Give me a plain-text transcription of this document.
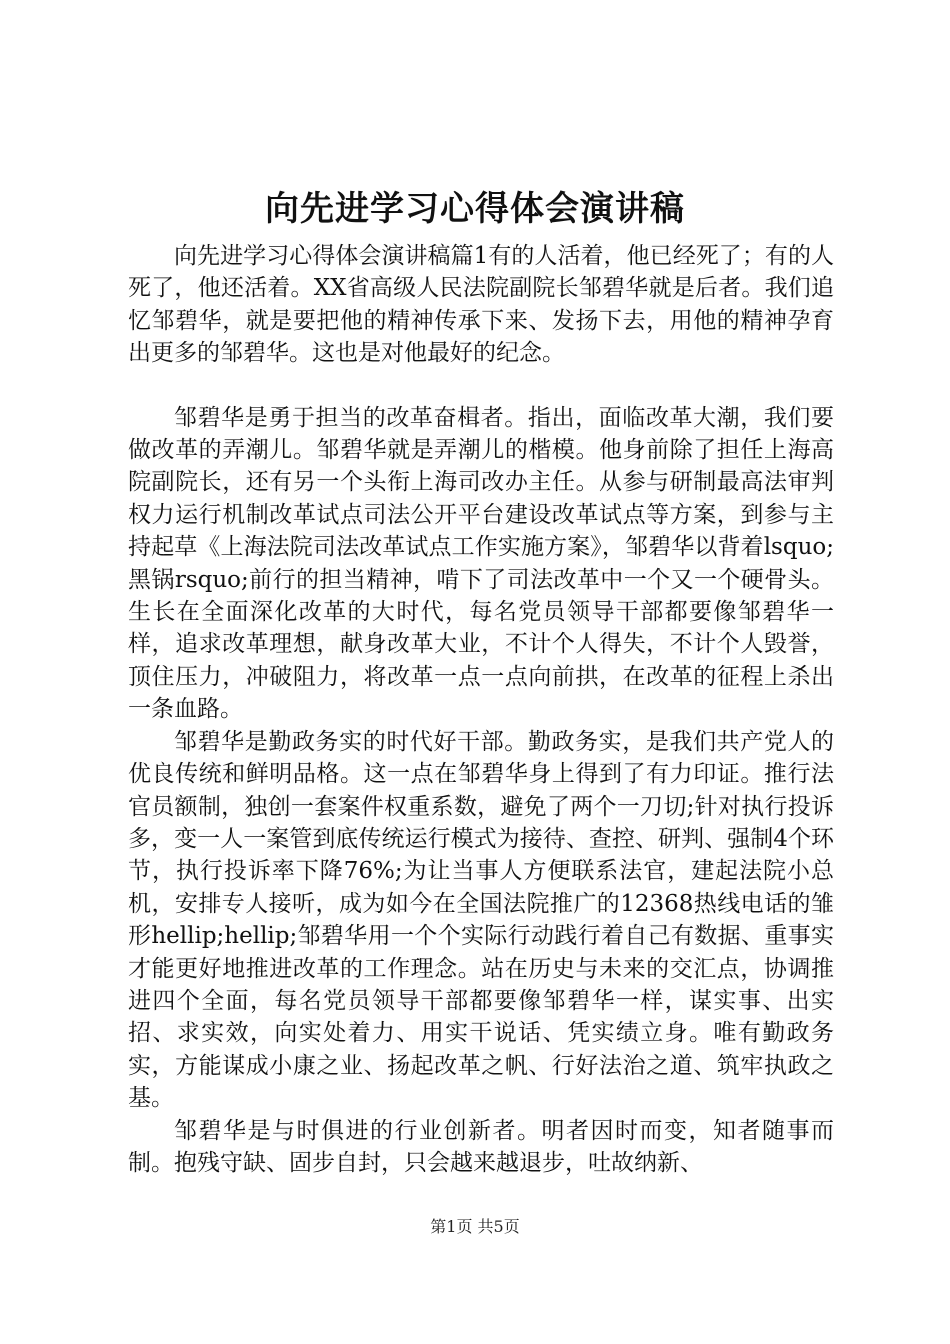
向先进学习心得体会演讲稿

向先进学习心得体会演讲稿篇1有的人活着，他已经死了；有的人死了，他还活着。XX省高级人民法院副院长邹碧华就是后者。我们追忆邹碧华，就是要把他的精神传承下来、发扬下去，用他的精神孕育出更多的邹碧华。这也是对他最好的纪念。

邹碧华是勇于担当的改革奋楫者。指出，面临改革大潮，我们要做改革的弄潮儿。邹碧华就是弄潮儿的楷模。他身前除了担任上海高院副院长，还有另一个头衔上海司改办主任。从参与研制最高法审判权力运行机制改革试点司法公开平台建设改革试点等方案，到参与主持起草《上海法院司法改革试点工作实施方案》，邹碧华以背着lsquo;黑锅rsquo;前行的担当精神，啃下了司法改革中一个又一个硬骨头。生长在全面深化改革的大时代，每名党员领导干部都要像邹碧华一样，追求改革理想，献身改革大业，不计个人得失，不计个人毁誉，顶住压力，冲破阻力，将改革一点一点向前拱，在改革的征程上杀出一条血路。

邹碧华是勤政务实的时代好干部。勤政务实，是我们共产党人的优良传统和鲜明品格。这一点在邹碧华身上得到了有力印证。推行法官员额制，独创一套案件权重系数，避免了两个一刀切;针对执行投诉多，变一人一案管到底传统运行模式为接待、查控、研判、强制4个环节，执行投诉率下降76%;为让当事人方便联系法官，建起法院小总机，安排专人接听，成为如今在全国法院推广的12368热线电话的雏形hellip;hellip;邹碧华用一个个实际行动践行着自己有数据、重事实才能更好地推进改革的工作理念。站在历史与未来的交汇点，协调推进四个全面，每名党员领导干部都要像邹碧华一样，谋实事、出实招、求实效，向实处着力、用实干说话、凭实绩立身。唯有勤政务实，方能谋成小康之业、扬起改革之帆、行好法治之道、筑牢执政之基。

邹碧华是与时俱进的行业创新者。明者因时而变，知者随事而制。抱残守缺、固步自封，只会越来越退步，吐故纳新、

第1页 共5页
